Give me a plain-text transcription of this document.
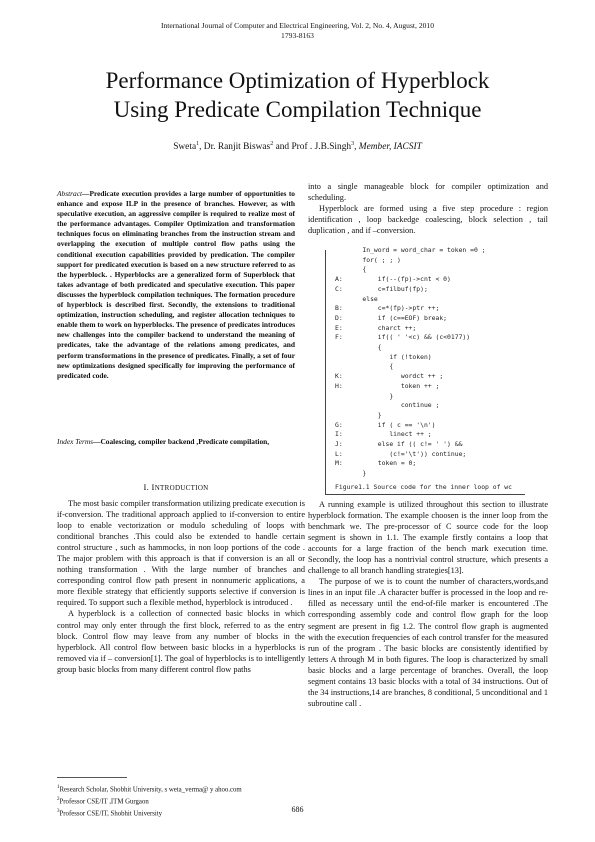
International Journal of Computer and Electrical Engineering, Vol. 2, No. 4, August, 2010
1793-8163
Performance Optimization of Hyperblock
Using Predicate Compilation Technique
Sweta$^1$, Dr. Ranjit Biswas$^2$ and Prof . J.B.Singh$^3$, Member, IACSIT
Abstract—Predicate execution provides a large number of opportunities to enhance and expose ILP in the presence of branches. However, as with speculative execution, an aggressive compiler is required to realize most of the performance advantages. Compiler Optimization and transformation techniques focus on eliminating branches from the instruction stream and overlapping the execution of multiple control flow paths using the conditional execution capabilities provided by predication. The compiler support for predicated execution is based on a new structure referred to as the hyperblock. . Hyperblocks are a generalized form of Superblock that takes advantage of both predicated and speculative execution. This paper discusses the hyperblock compilation techniques. The formation procedure of hyperblock is described first. Secondly, the extensions to traditional optimization, instruction scheduling, and register allocation techniques to enable them to work on hyperblocks. The presence of predicates introduces new challenges into the compiler backend to understand the meaning of predicates, take the advantage of the relations among predicates, and perform transformations in the presence of predicates. Finally, a set of four new optimizations designed specifically for improving the performance of predicated code.
Index Terms—Coalescing, compiler backend ,Predicate compilation,
I. INTRODUCTION

The most basic compiler transformation utilizing predicate execution is if-conversion. The traditional approach applied to if-conversion to entire loop to enable vectorization or modulo scheduling of loops with conditional branches .This could also be extended to handle certain control structure , such as hammocks, in non loop portions of the code . The major problem with this approach is that if conversion is an all or nothing transformation . With the large number of branches and corresponding control flow path present in nonnumeric applications, a more flexible strategy that efficiently supports selective if conversion is required. To support such a flexible method, hyperblock is introduced .

A hyperblock is a collection of connected basic blocks in which control may only enter through the first block, referred to as the entry block. Control flow may leave from any number of blocks in the hyperblock. All control flow between basic blocks in a hyperblocks is removed via if – conversion[1]. The goal of hyperblocks is to intelligently group basic blocks from many different control flow paths

into a single manageable block for compiler optimization and scheduling.

Hyperblock are formed using a five step procedure : region identification , loop backedge coalescing, block selection , tail duplication , and if –conversion.

In_word = word_char = token =0 ;
for( ; ; )
{
A: if(--(fp)->cnt < 0)
C: c=filbuf(fp);
else
B: c=*(fp)->ptr ++;
D: if (c==EOF) break;
E: charct ++;
F: if(( ' '<c) && (c<0177))
{
if (!token)
{
K: wordct ++ ;
H: token ++ ;
}
continue ;
}
G: if ( c == '\n')
I: linect ++ ;
J: else if (( c!= ' ') &&
L: (c!='\t')) continue;
M: token = 0;
}
Figure1.1 Source code for the inner loop of wc

A running example is utilized throughout this section to illustrate hyperblock formation. The example choosen is the inner loop from the benchmark we. The pre-processor of C source code for the loop segment is shown in 1.1. The example firstly contains a loop that accounts for a large fraction of the bench mark execution time. Secondly, the loop has a nontrivial control structure, which presents a challenge to all branch handling strategies[13].

The purpose of we is to count the number of characters,words,and lines in an input file .A character buffer is processed in the loop and re-filled as necessary until the end-of-file marker is encountered .The corresponding assembly code and control flow graph for the loop segment are present in fig 1.2. The control flow graph is augmented with the execution frequencies of each control transfer for the measured run of the program . The basic blocks are consistently identified by letters A through M in both figures. The loop is characterized by small basic blocks and a large percentage of branches. Overall, the loop segment contains 13 basic blocks with a total of 34 instructions. Out of the 34 instructions,14 are branches, 8 conditional, 5 unconditional and 1 subroutine call .

$^1$Research Scholar, Shobhit University, s weta_verma@ y ahoo.com
$^2$Professor CSE/IT ,ITM Gurgaon
$^3$Professor CSE/IT, Shobhit University	686
